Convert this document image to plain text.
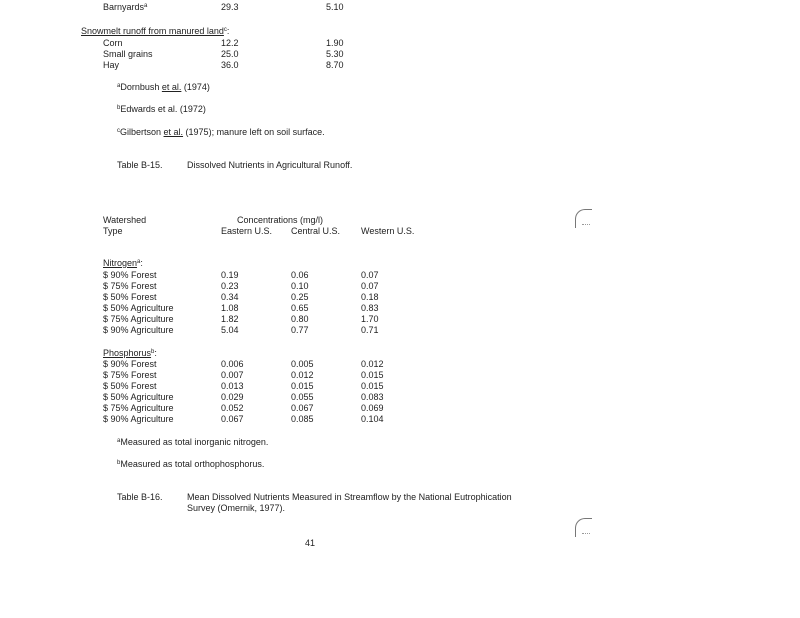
Barnyards$^a$	29.3	5.10
Snowmelt runoff from manured land$^c$:
Corn	12.2	1.90
Small grains	25.0	5.30
Hay	36.0	8.70
$^a$Dornbush et al. (1974)
$^b$Edwards et al. (1972)
$^c$Gilbertson et al. (1975); manure left on soil surface.
Table B-15.	Dissolved Nutrients in Agricultural Runoff.
Watershed
Type
Concentrations (mg/l)
Eastern U.S. Central U.S. Western U.S.
Nitrogen$^a$:
$ 90% Forest	0.19	0.06	0.07
$ 75% Forest	0.23	0.10	0.07
$ 50% Forest	0.34	0.25	0.18
$ 50% Agriculture	1.08	0.65	0.83
$ 75% Agriculture	1.82	0.80	1.70
$ 90% Agriculture	5.04	0.77	0.71
Phosphorus$^b$:
$ 90% Forest	0.006	0.005	0.012
$ 75% Forest	0.007	0.012	0.015
$ 50% Forest	0.013	0.015	0.015
$ 50% Agriculture	0.029	0.055	0.083
$ 75% Agriculture	0.052	0.067	0.069
$ 90% Agriculture	0.067	0.085	0.104
$^a$Measured as total inorganic nitrogen.
$^b$Measured as total orthophosphorus.
Table B-16.	Mean Dissolved Nutrients Measured in Streamflow by the National Eutrophication
Survey (Omernik, 1977).
41
